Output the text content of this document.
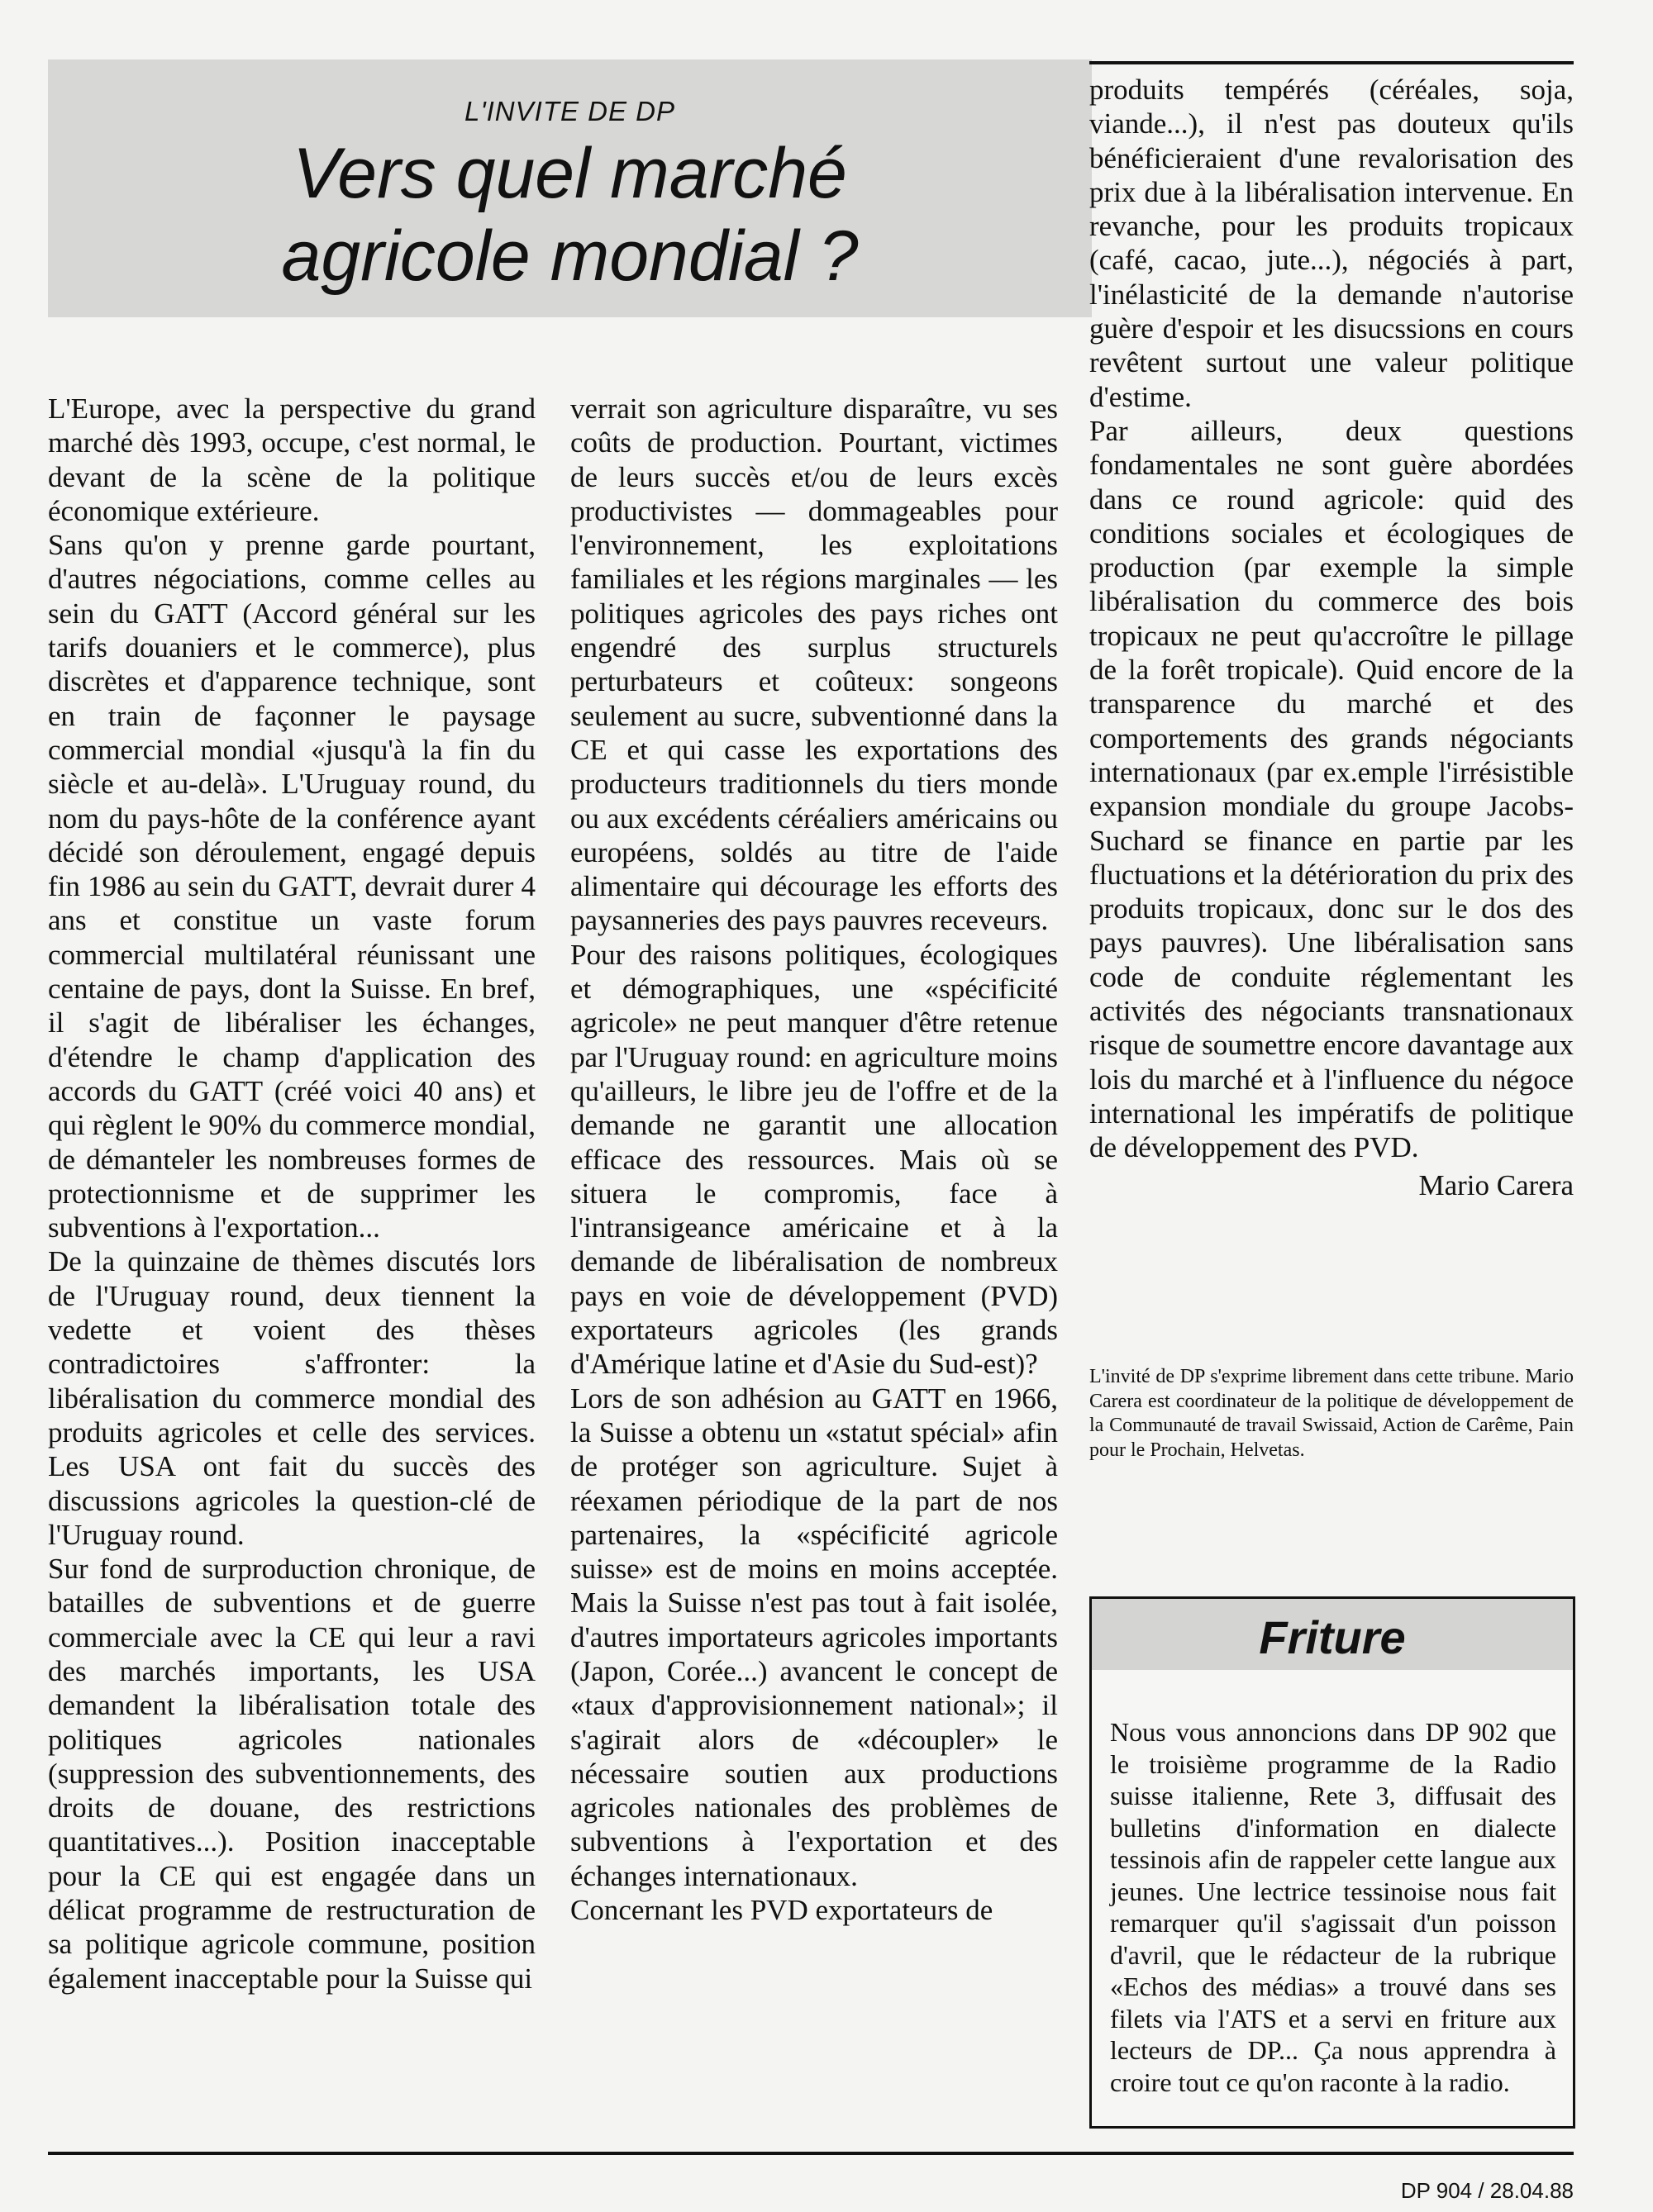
L'INVITE DE DP
Vers quel marché
agricole mondial ?

L'Europe, avec la perspective du grand marché dès 1993, occupe, c'est normal, le devant de la scène de la politique économique extérieure.

Sans qu'on y prenne garde pourtant, d'autres négociations, comme celles au sein du GATT (Accord général sur les tarifs douaniers et le commerce), plus discrètes et d'apparence technique, sont en train de façonner le paysage commercial mondial «jusqu'à la fin du siècle et au-delà». L'Uruguay round, du nom du pays-hôte de la conférence ayant décidé son déroulement, engagé depuis fin 1986 au sein du GATT, devrait durer 4 ans et constitue un vaste forum commercial multilatéral réunissant une centaine de pays, dont la Suisse. En bref, il s'agit de libéraliser les échanges, d'étendre le champ d'application des accords du GATT (créé voici 40 ans) et qui règlent le 90% du commerce mondial, de démanteler les nombreuses formes de protectionnisme et de supprimer les subventions à l'exportation...

De la quinzaine de thèmes discutés lors de l'Uruguay round, deux tiennent la vedette et voient des thèses contradictoires s'affronter: la libéralisation du commerce mondial des produits agricoles et celle des services. Les USA ont fait du succès des discussions agricoles la question-clé de l'Uruguay round.

Sur fond de surproduction chronique, de batailles de subventions et de guerre commerciale avec la CE qui leur a ravi des marchés importants, les USA demandent la libéralisation totale des politiques agricoles nationales (suppression des subventionnements, des droits de douane, des restrictions quantitatives...). Position inacceptable pour la CE qui est engagée dans un délicat programme de restructuration de sa politique agricole commune, position également inacceptable pour la Suisse qui

verrait son agriculture disparaître, vu ses coûts de production. Pourtant, victimes de leurs succès et/ou de leurs excès productivistes — dommageables pour l'environnement, les exploitations familiales et les régions marginales — les politiques agricoles des pays riches ont engendré des surplus structurels perturbateurs et coûteux: songeons seulement au sucre, subventionné dans la CE et qui casse les exportations des producteurs traditionnels du tiers monde ou aux excédents céréaliers américains ou européens, soldés au titre de l'aide alimentaire qui décourage les efforts des paysanneries des pays pauvres receveurs.

Pour des raisons politiques, écologiques et démographiques, une «spécificité agricole» ne peut manquer d'être retenue par l'Uruguay round: en agriculture moins qu'ailleurs, le libre jeu de l'offre et de la demande ne garantit une allocation efficace des ressources. Mais où se situera le compromis, face à l'intransigeance américaine et à la demande de libéralisation de nombreux pays en voie de développement (PVD) exportateurs agricoles (les grands d'Amérique latine et d'Asie du Sud-est)?

Lors de son adhésion au GATT en 1966, la Suisse a obtenu un «statut spécial» afin de protéger son agriculture. Sujet à réexamen périodique de la part de nos partenaires, la «spécificité agricole suisse» est de moins en moins acceptée. Mais la Suisse n'est pas tout à fait isolée, d'autres importateurs agricoles importants (Japon, Corée...) avancent le concept de «taux d'approvisionnement national»; il s'agirait alors de «découpler» le nécessaire soutien aux productions agricoles nationales des problèmes de subventions à l'exportation et des échanges internationaux.

Concernant les PVD exportateurs de

produits tempérés (céréales, soja, viande...), il n'est pas douteux qu'ils bénéficieraient d'une revalorisation des prix due à la libéralisation intervenue. En revanche, pour les produits tropicaux (café, cacao, jute...), négociés à part, l'inélasticité de la demande n'autorise guère d'espoir et les disucssions en cours revêtent surtout une valeur politique d'estime.

Par ailleurs, deux questions fondamentales ne sont guère abordées dans ce round agricole: quid des conditions sociales et écologiques de production (par exemple la simple libéralisation du commerce des bois tropicaux ne peut qu'accroître le pillage de la forêt tropicale). Quid encore de la transparence du marché et des comportements des grands négociants internationaux (par ex.emple l'irrésistible expansion mondiale du groupe Jacobs-Suchard se finance en partie par les fluctuations et la détérioration du prix des produits tropicaux, donc sur le dos des pays pauvres). Une libéralisation sans code de conduite réglementant les activités des négociants transnationaux risque de soumettre encore davantage aux lois du marché et à l'influence du négoce international les impératifs de politique de développement des PVD.

Mario Carera

L'invité de DP s'exprime librement dans cette tribune. Mario Carera est coordinateur de la politique de développement de la Communauté de travail Swissaid, Action de Carême, Pain pour le Prochain, Helvetas.
Friture
Nous vous annoncions dans DP 902 que le troisième programme de la Radio suisse italienne, Rete 3, diffusait des bulletins d'information en dialecte tessinois afin de rappeler cette langue aux jeunes. Une lectrice tessinoise nous fait remarquer qu'il s'agissait d'un poisson d'avril, que le rédacteur de la rubrique «Echos des médias» a trouvé dans ses filets via l'ATS et a servi en friture aux lecteurs de DP... Ça nous apprendra à croire tout ce qu'on raconte à la radio.
DP 904 / 28.04.88
